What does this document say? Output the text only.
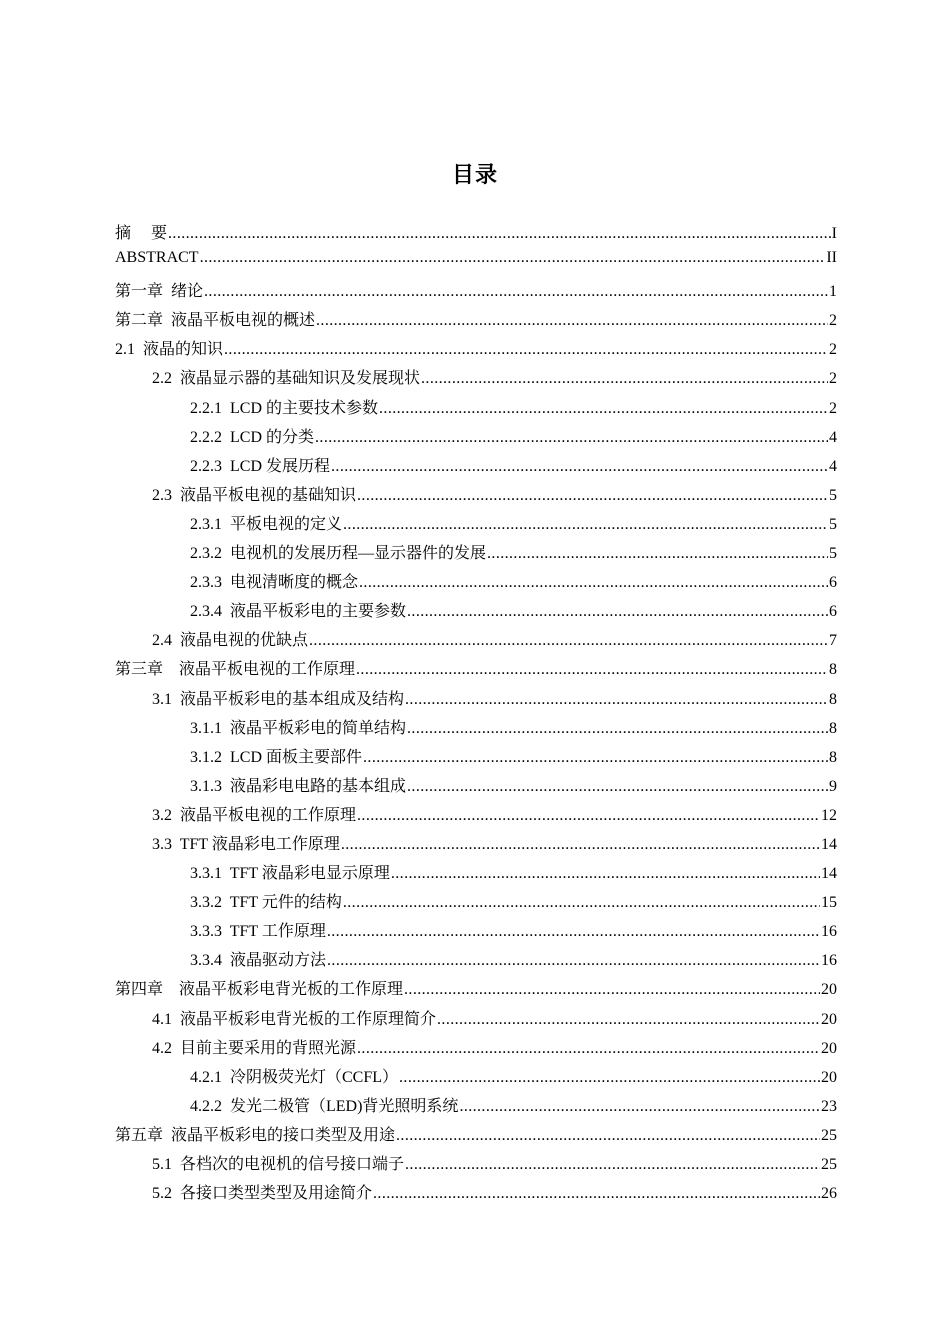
目录
摘　 要 .....	I
ABSTRACT .....	II
第一章  绪论 .....	1
第二章  液晶平板电视的概述 .....	2
2.1  液晶的知识 .....	2
2.2  液晶显示器的基础知识及发展现状 .....	2
2.2.1  LCD 的主要技术参数 .....	2
2.2.2  LCD 的分类 .....	4
2.2.3  LCD 发展历程 .....	4
2.3  液晶平板电视的基础知识 .....	5
2.3.1  平板电视的定义 .....	5
2.3.2  电视机的发展历程—显示器件的发展 .....	5
2.3.3  电视清晰度的概念 .....	6
2.3.4  液晶平板彩电的主要参数 .....	6
2.4  液晶电视的优缺点 .....	7
第三章    液晶平板电视的工作原理 .....	8
3.1  液晶平板彩电的基本组成及结构 .....	8
3.1.1  液晶平板彩电的简单结构 .....	8
3.1.2  LCD 面板主要部件 .....	8
3.1.3  液晶彩电电路的基本组成 .....	9
3.2  液晶平板电视的工作原理 .....	12
3.3  TFT 液晶彩电工作原理 .....	14
3.3.1  TFT 液晶彩电显示原理 .....	14
3.3.2  TFT 元件的结构 .....	15
3.3.3  TFT 工作原理 .....	16
3.3.4  液晶驱动方法 .....	16
第四章    液晶平板彩电背光板的工作原理 .....	20
4.1  液晶平板彩电背光板的工作原理简介 .....	20
4.2  目前主要采用的背照光源 .....	20
4.2.1  冷阴极荧光灯（CCFL） .....	20
4.2.2  发光二极管（LED)背光照明系统 .....	23
第五章  液晶平板彩电的接口类型及用途 .....	25
5.1  各档次的电视机的信号接口端子 .....	25
5.2  各接口类型类型及用途简介 .....	26
